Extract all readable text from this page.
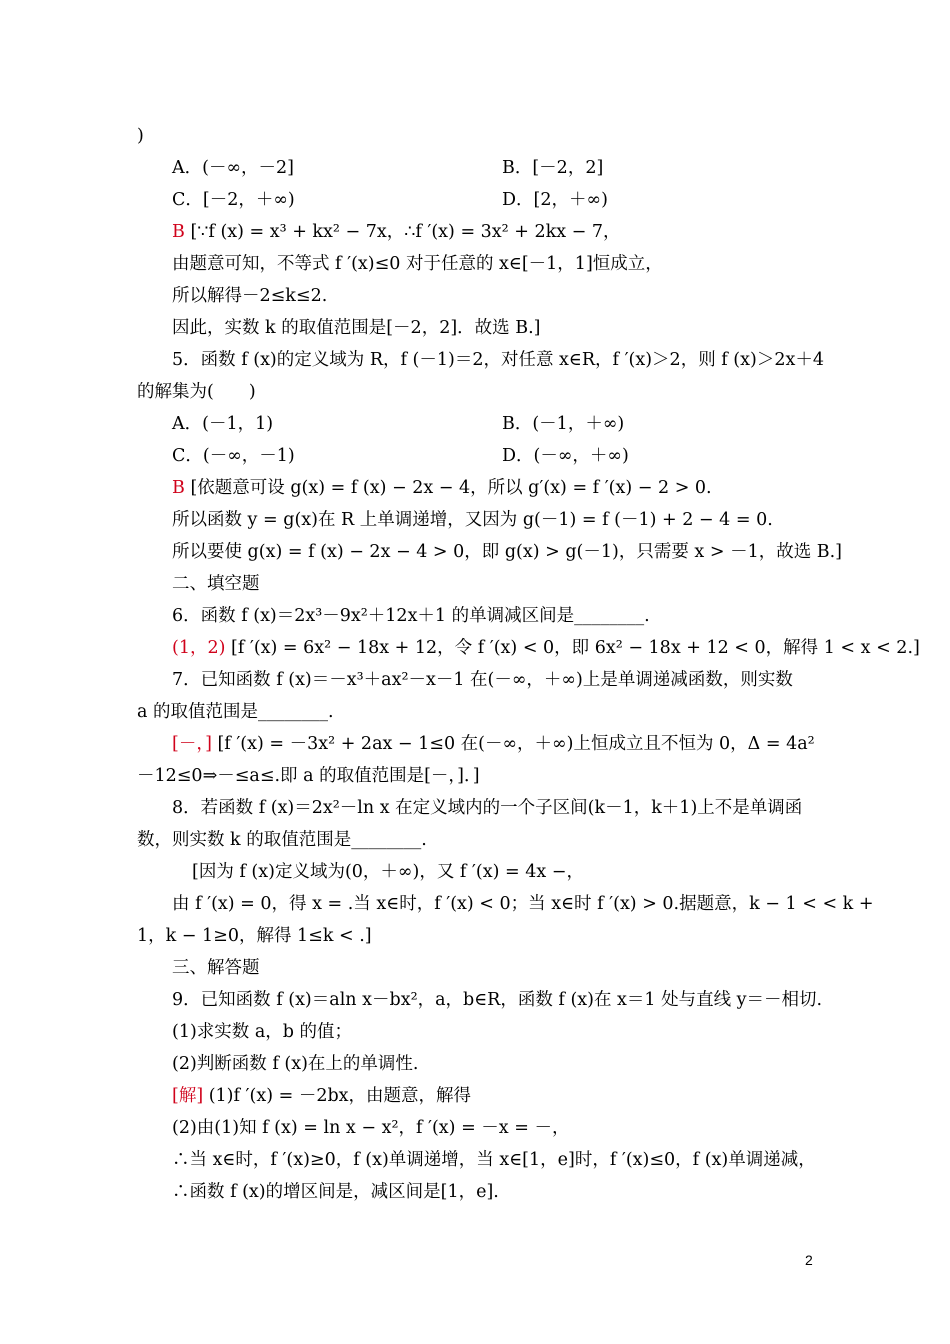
)
A．(－∞，－2]	B．[－2，2]
C．[－2，＋∞)	D．[2，＋∞)
B [∵f (x) = x³ + kx² − 7x，∴f ′(x) = 3x² + 2kx − 7，
由题意可知，不等式 f ′(x)≤0 对于任意的 x∈[－1，1]恒成立，
所以解得－2≤k≤2.
因此，实数 k 的取值范围是[－2，2]．故选 B.]
5．函数 f (x)的定义域为 R，f (－1)＝2，对任意 x∈R，f ′(x)＞2，则 f (x)＞2x＋4
的解集为(　　)
A．(－1，1)	B．(－1，＋∞)
C．(－∞，－1)	D．(－∞，＋∞)
B [依题意可设 g(x) = f (x) − 2x − 4，所以 g′(x) = f ′(x) − 2 > 0.
所以函数 y = g(x)在 R 上单调递增，又因为 g(－1) = f (－1) + 2 − 4 = 0.
所以要使 g(x) = f (x) − 2x − 4 > 0，即 g(x) > g(－1)，只需要 x > －1，故选 B.]
二、填空题
6．函数 f (x)＝2x³－9x²＋12x＋1 的单调减区间是________.
(1，2) [f ′(x) = 6x² − 18x + 12，令 f ′(x) < 0，即 6x² − 18x + 12 < 0，解得 1 < x < 2.]
7．已知函数 f (x)＝－x³＋ax²－x－1 在(－∞，＋∞)上是单调递减函数，则实数
a 的取值范围是________.
[－，] [f ′(x) = －3x² + 2ax − 1≤0 在(－∞，＋∞)上恒成立且不恒为 0，Δ = 4a²
－12≤0⇒－≤a≤.即 a 的取值范围是[－，]．]
8．若函数 f (x)＝2x²－ln x 在定义域内的一个子区间(k－1，k＋1)上不是单调函
数，则实数 k 的取值范围是________.
[因为 f (x)定义域为(0，＋∞)，又 f ′(x) = 4x −，
由 f ′(x) = 0，得 x = .当 x∈时，f ′(x) < 0；当 x∈时 f ′(x) > 0.据题意，k − 1 < < k +
1，k − 1≥0，解得 1≤k < .]
三、解答题
9．已知函数 f (x)＝aln x－bx²，a，b∈R，函数 f (x)在 x＝1 处与直线 y＝－相切.
(1)求实数 a，b 的值；
(2)判断函数 f (x)在上的单调性.
[解] (1)f ′(x) = －2bx，由题意，解得
(2)由(1)知 f (x) = ln x − x²，f ′(x) = －x = －，
∴当 x∈时，f ′(x)≥0，f (x)单调递增，当 x∈[1，e]时，f ′(x)≤0，f (x)单调递减，
∴函数 f (x)的增区间是，减区间是[1，e].
2
